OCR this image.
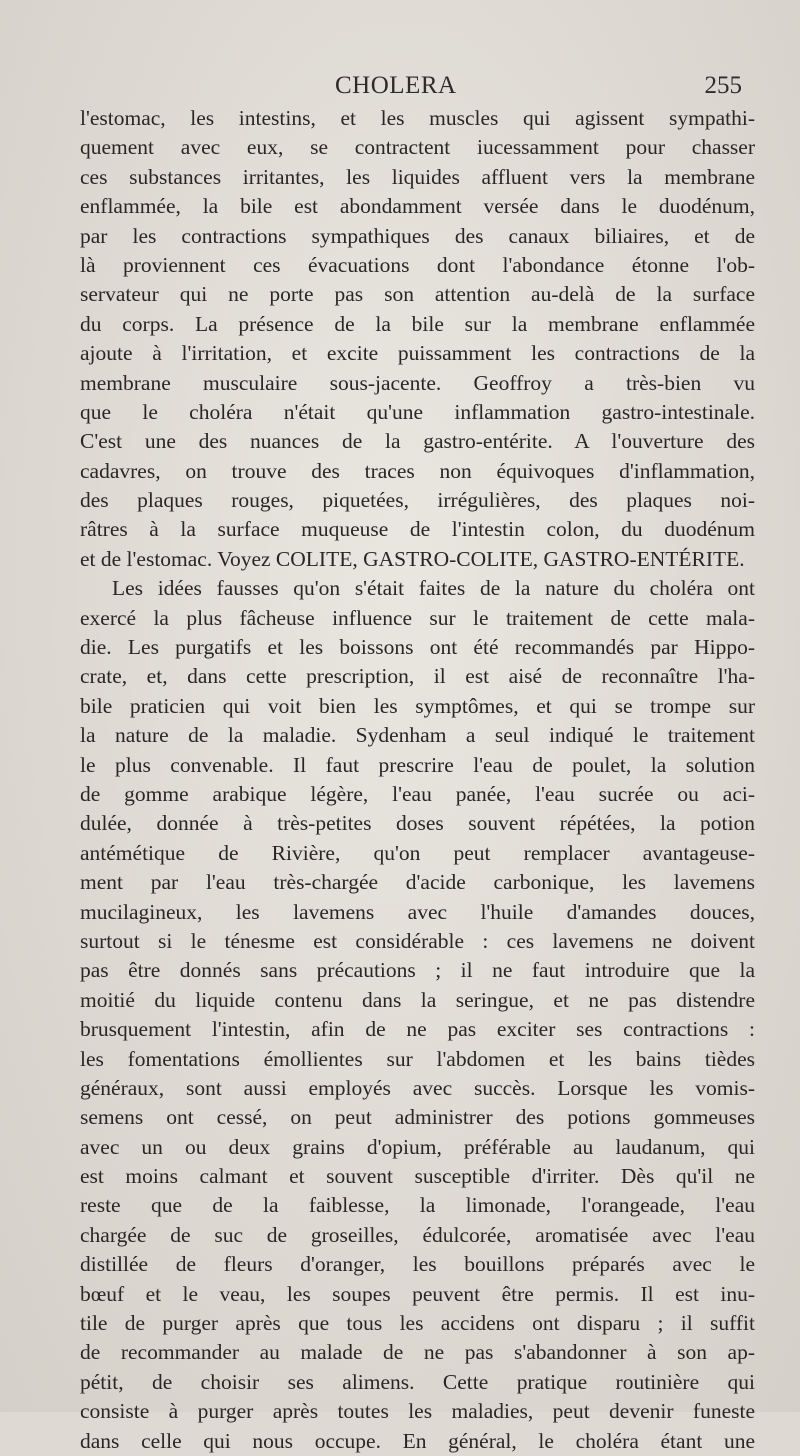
CHOLERA	255
l'estomac, les intestins, et les muscles qui agissent sympathi-
quement avec eux, se contractent iucessamment pour chasser
ces substances irritantes, les liquides affluent vers la membrane
enflammée, la bile est abondamment versée dans le duodénum,
par les contractions sympathiques des canaux biliaires, et de
là proviennent ces évacuations dont l'abondance étonne l'ob-
servateur qui ne porte pas son attention au-delà de la surface
du corps. La présence de la bile sur la membrane enflammée
ajoute à l'irritation, et excite puissamment les contractions de la
membrane musculaire sous-jacente. Geoffroy a très-bien vu
que le choléra n'était qu'une inflammation gastro-intestinale.
C'est une des nuances de la gastro-entérite. A l'ouverture des
cadavres, on trouve des traces non équivoques d'inflammation,
des plaques rouges, piquetées, irrégulières, des plaques noi-
râtres à la surface muqueuse de l'intestin colon, du duodénum
et de l'estomac. Voyez COLITE, GASTRO-COLITE, GASTRO-ENTÉRITE.
Les idées fausses qu'on s'était faites de la nature du choléra ont
exercé la plus fâcheuse influence sur le traitement de cette mala-
die. Les purgatifs et les boissons ont été recommandés par Hippo-
crate, et, dans cette prescription, il est aisé de reconnaître l'ha-
bile praticien qui voit bien les symptômes, et qui se trompe sur
la nature de la maladie. Sydenham a seul indiqué le traitement
le plus convenable. Il faut prescrire l'eau de poulet, la solution
de gomme arabique légère, l'eau panée, l'eau sucrée ou aci-
dulée, donnée à très-petites doses souvent répétées, la potion
antémétique de Rivière, qu'on peut remplacer avantageuse-
ment par l'eau très-chargée d'acide carbonique, les lavemens
mucilagineux, les lavemens avec l'huile d'amandes douces,
surtout si le ténesme est considérable : ces lavemens ne doivent
pas être donnés sans précautions ; il ne faut introduire que la
moitié du liquide contenu dans la seringue, et ne pas distendre
brusquement l'intestin, afin de ne pas exciter ses contractions :
les fomentations émollientes sur l'abdomen et les bains tièdes
généraux, sont aussi employés avec succès. Lorsque les vomis-
semens ont cessé, on peut administrer des potions gommeuses
avec un ou deux grains d'opium, préférable au laudanum, qui
est moins calmant et souvent susceptible d'irriter. Dès qu'il ne
reste que de la faiblesse, la limonade, l'orangeade, l'eau
chargée de suc de groseilles, édulcorée, aromatisée avec l'eau
distillée de fleurs d'oranger, les bouillons préparés avec le
bœuf et le veau, les soupes peuvent être permis. Il est inu-
tile de purger après que tous les accidens ont disparu ; il suffit
de recommander au malade de ne pas s'abandonner à son ap-
pétit, de choisir ses alimens. Cette pratique routinière qui
consiste à purger après toutes les maladies, peut devenir funeste
dans celle qui nous occupe. En général, le choléra étant une
